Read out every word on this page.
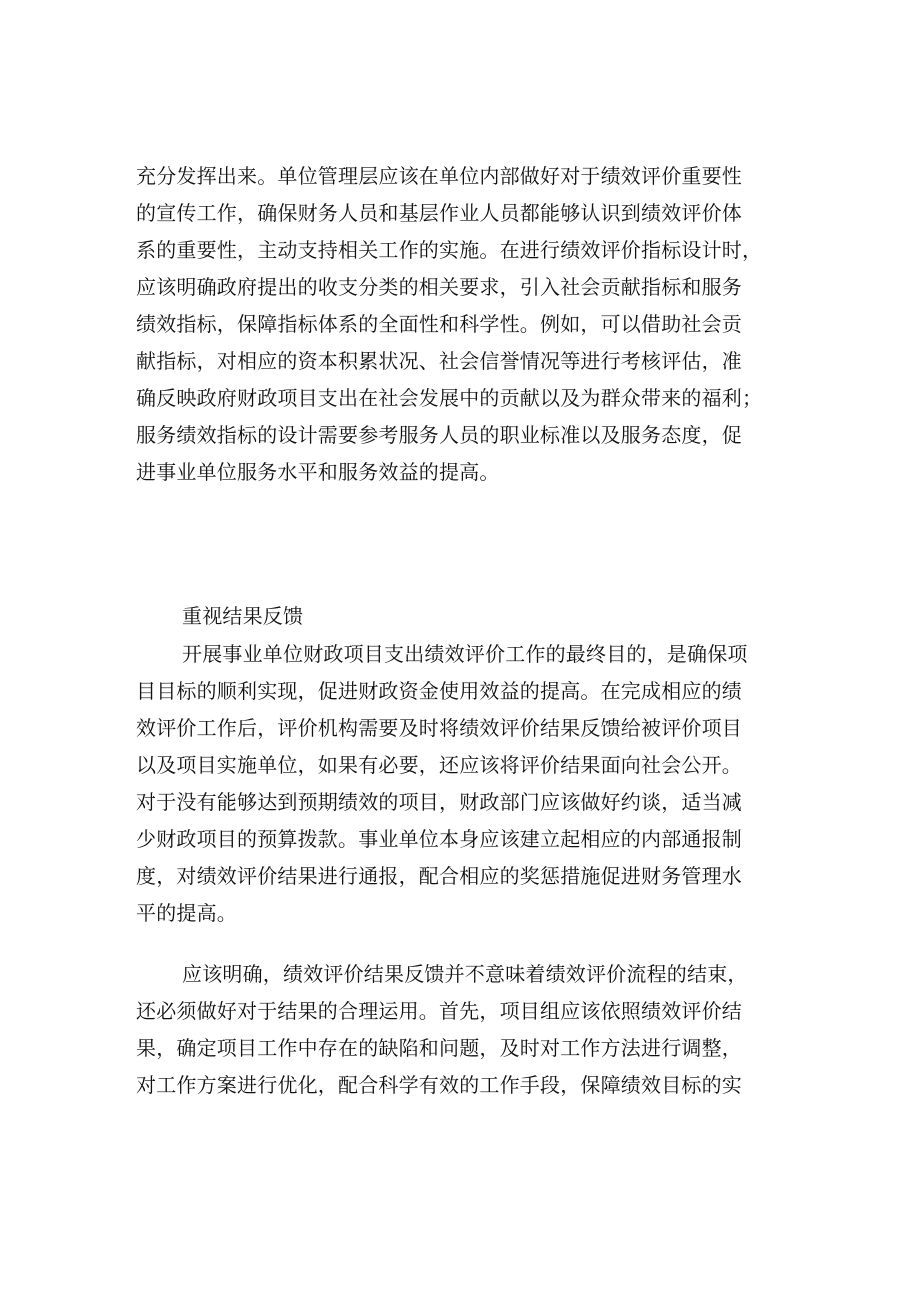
充分发挥出来。单位管理层应该在单位内部做好对于绩效评价重要性
的宣传工作，确保财务人员和基层作业人员都能够认识到绩效评价体
系的重要性，主动支持相关工作的实施。在进行绩效评价指标设计时，
应该明确政府提出的收支分类的相关要求，引入社会贡献指标和服务
绩效指标，保障指标体系的全面性和科学性。例如，可以借助社会贡
献指标，对相应的资本积累状况、社会信誉情况等进行考核评估，准
确反映政府财政项目支出在社会发展中的贡献以及为群众带来的福利；
服务绩效指标的设计需要参考服务人员的职业标准以及服务态度，促
进事业单位服务水平和服务效益的提高。
重视结果反馈
开展事业单位财政项目支出绩效评价工作的最终目的，是确保项
目目标的顺利实现，促进财政资金使用效益的提高。在完成相应的绩
效评价工作后，评价机构需要及时将绩效评价结果反馈给被评价项目
以及项目实施单位，如果有必要，还应该将评价结果面向社会公开。
对于没有能够达到预期绩效的项目，财政部门应该做好约谈，适当减
少财政项目的预算拨款。事业单位本身应该建立起相应的内部通报制
度，对绩效评价结果进行通报，配合相应的奖惩措施促进财务管理水
平的提高。
应该明确，绩效评价结果反馈并不意味着绩效评价流程的结束，
还必须做好对于结果的合理运用。首先，项目组应该依照绩效评价结
果，确定项目工作中存在的缺陷和问题，及时对工作方法进行调整，
对工作方案进行优化，配合科学有效的工作手段，保障绩效目标的实
